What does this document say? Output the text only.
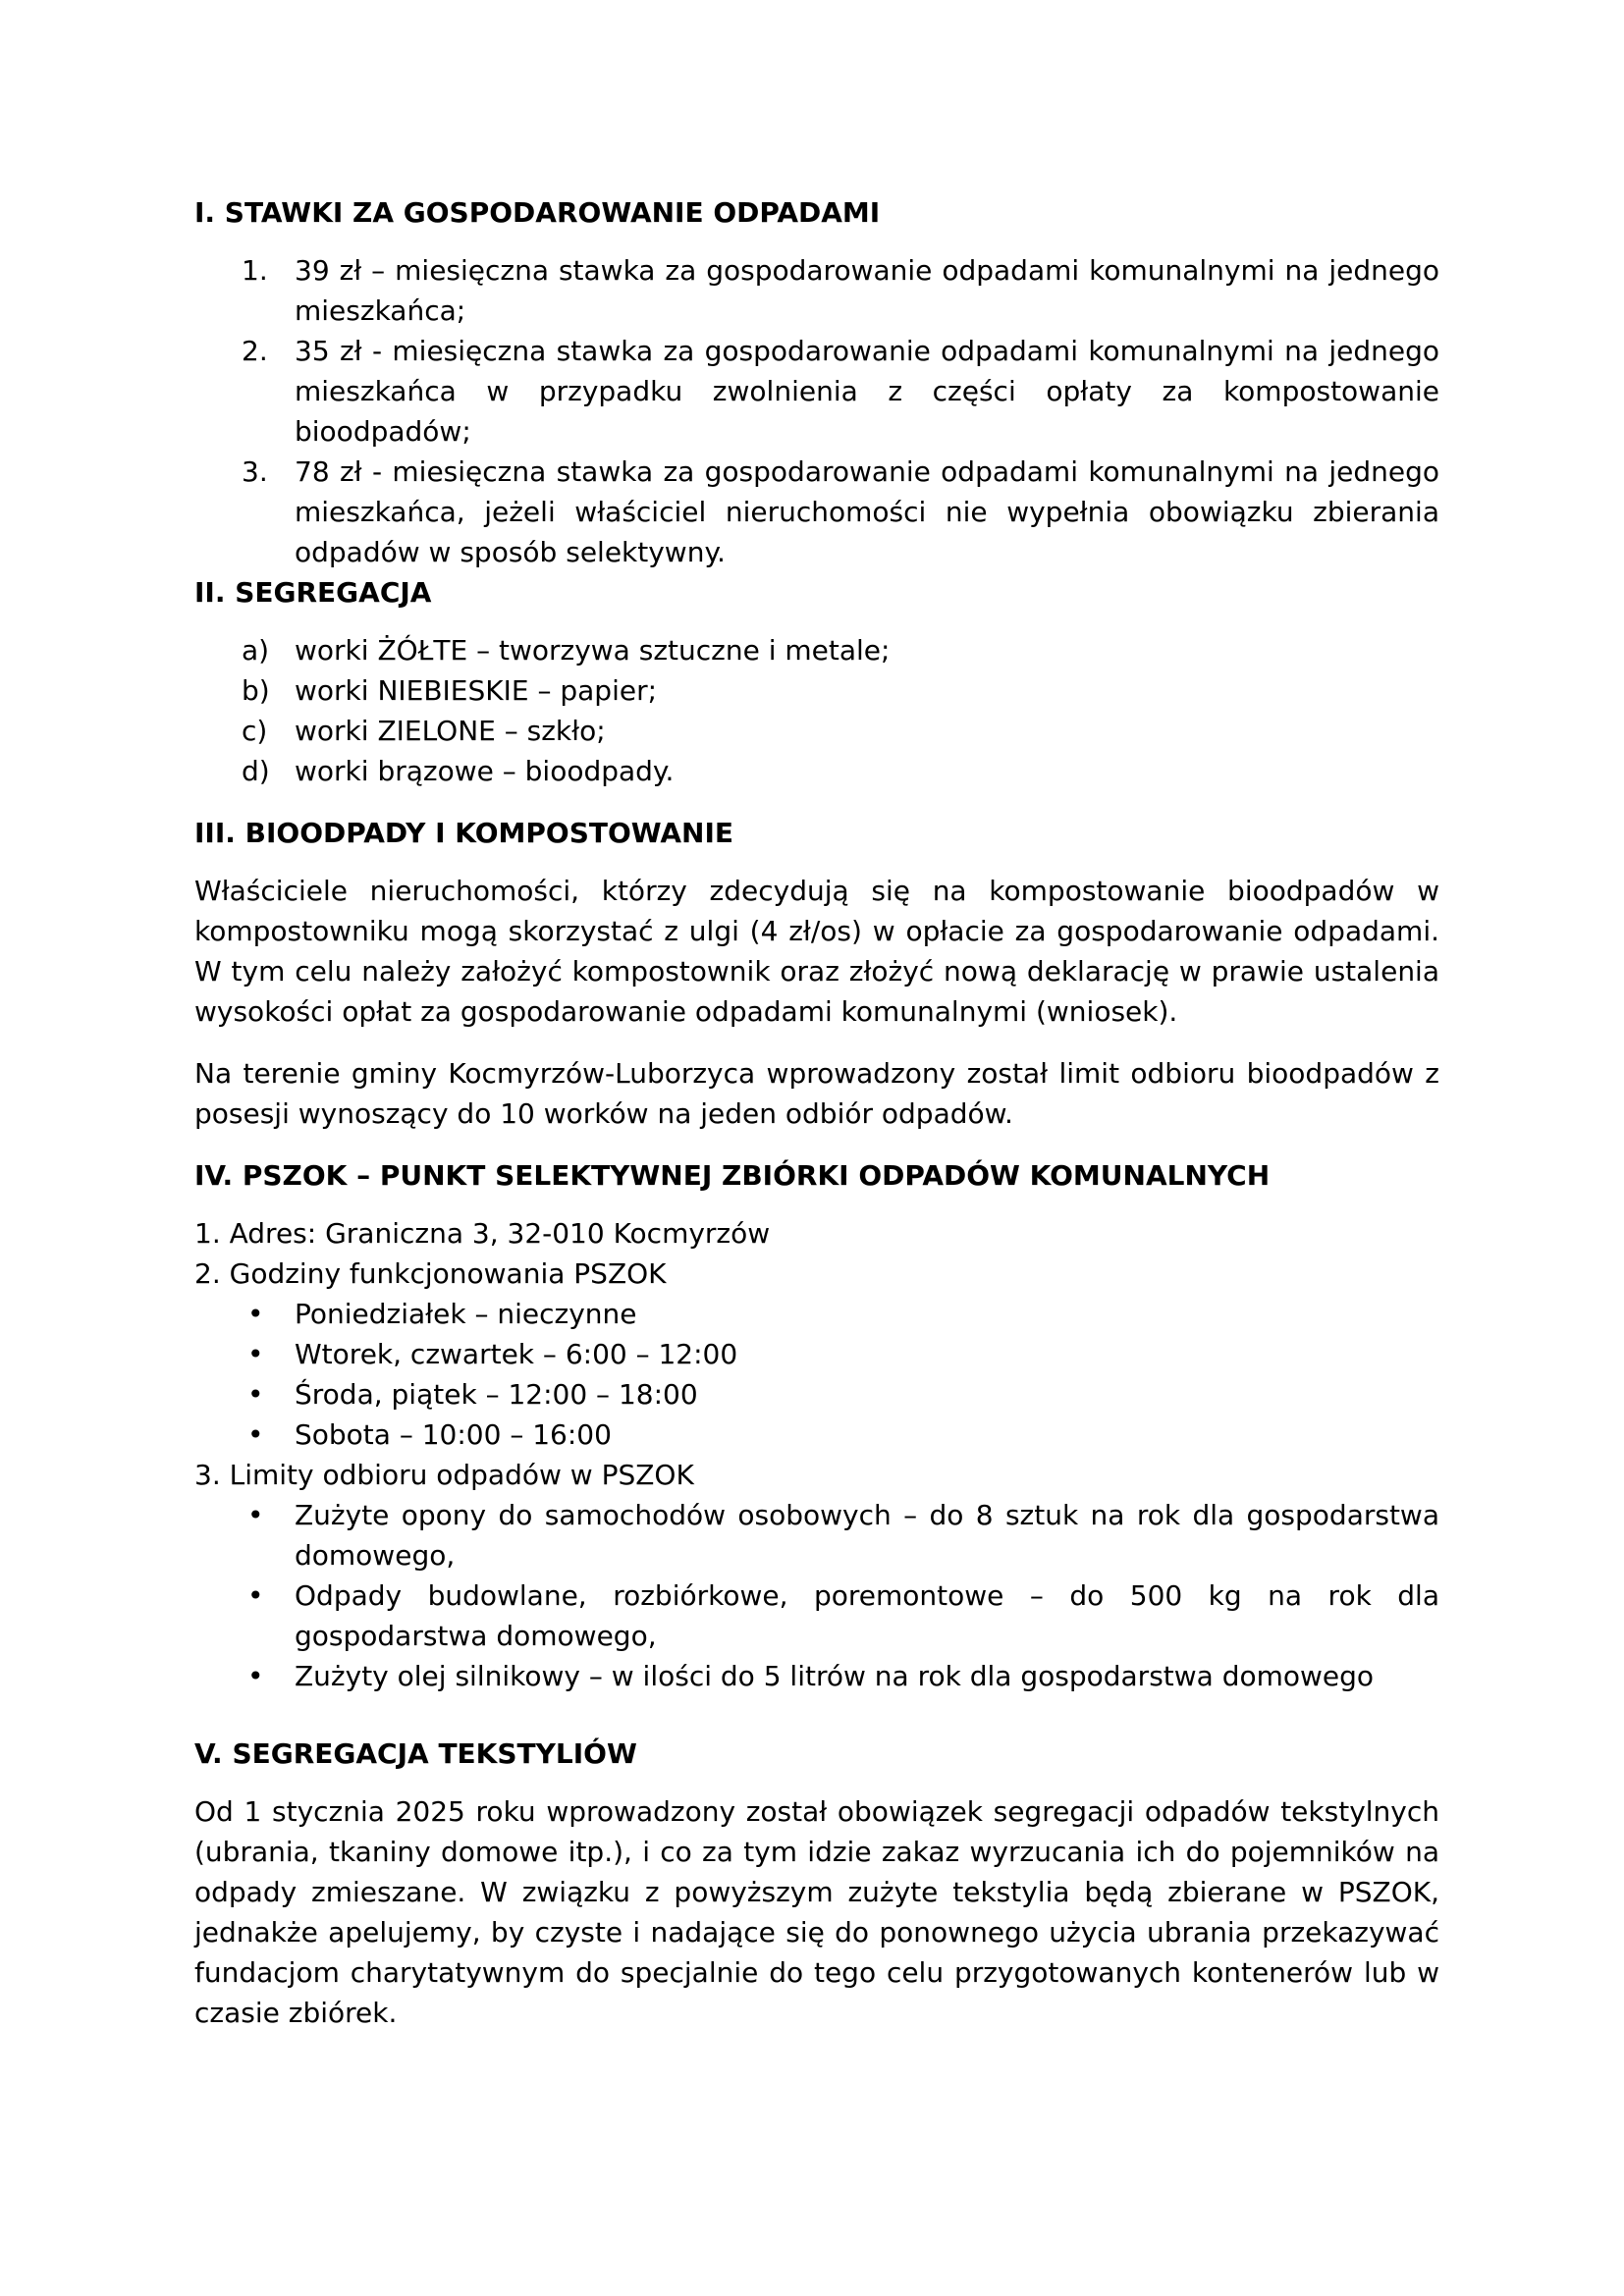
I. STAWKI ZA GOSPODAROWANIE ODPADAMI

1. 39 zł – miesięczna stawka za gospodarowanie odpadami komunalnymi na jednego mieszkańca;
2. 35 zł - miesięczna stawka za gospodarowanie odpadami komunalnymi na jednego mieszkańca w przypadku zwolnienia z części opłaty za kompostowanie bioodpadów;
3. 78 zł - miesięczna stawka za gospodarowanie odpadami komunalnymi na jednego mieszkańca, jeżeli właściciel nieruchomości nie wypełnia obowiązku zbierania odpadów w sposób selektywny.

II. SEGREGACJA

a) worki ŻÓŁTE – tworzywa sztuczne i metale;
b) worki NIEBIESKIE – papier;
c) worki ZIELONE – szkło;
d) worki brązowe – bioodpady.

III. BIOODPADY I KOMPOSTOWANIE

Właściciele nieruchomości, którzy zdecydują się na kompostowanie bioodpadów w kompostowniku mogą skorzystać z ulgi (4 zł/os) w opłacie za gospodarowanie odpadami. W tym celu należy założyć kompostownik oraz złożyć nową deklarację w prawie ustalenia wysokości opłat za gospodarowanie odpadami komunalnymi (wniosek).

Na terenie gminy Kocmyrzów-Luborzyca wprowadzony został limit odbioru bioodpadów z posesji wynoszący do 10 worków na jeden odbiór odpadów.

IV. PSZOK – PUNKT SELEKTYWNEJ ZBIÓRKI ODPADÓW KOMUNALNYCH

1. Adres: Graniczna 3, 32-010 Kocmyrzów

2. Godziny funkcjonowania PSZOK

• Poniedziałek – nieczynne
• Wtorek, czwartek – 6:00 – 12:00
• Środa, piątek – 12:00 – 18:00
• Sobota – 10:00 – 16:00

3. Limity odbioru odpadów w PSZOK

• Zużyte opony do samochodów osobowych – do 8 sztuk na rok dla gospodarstwa domowego,
• Odpady budowlane, rozbiórkowe, poremontowe – do 500 kg na rok dla gospodarstwa domowego,
• Zużyty olej silnikowy – w ilości do 5 litrów na rok dla gospodarstwa domowego

V. SEGREGACJA TEKSTYLIÓW

Od 1 stycznia 2025 roku wprowadzony został obowiązek segregacji odpadów tekstylnych (ubrania, tkaniny domowe itp.), i co za tym idzie zakaz wyrzucania ich do pojemników na odpady zmieszane. W związku z powyższym zużyte tekstylia będą zbierane w PSZOK, jednakże apelujemy, by czyste i nadające się do ponownego użycia ubrania przekazywać fundacjom charytatywnym do specjalnie do tego celu przygotowanych kontenerów lub w czasie zbiórek.
